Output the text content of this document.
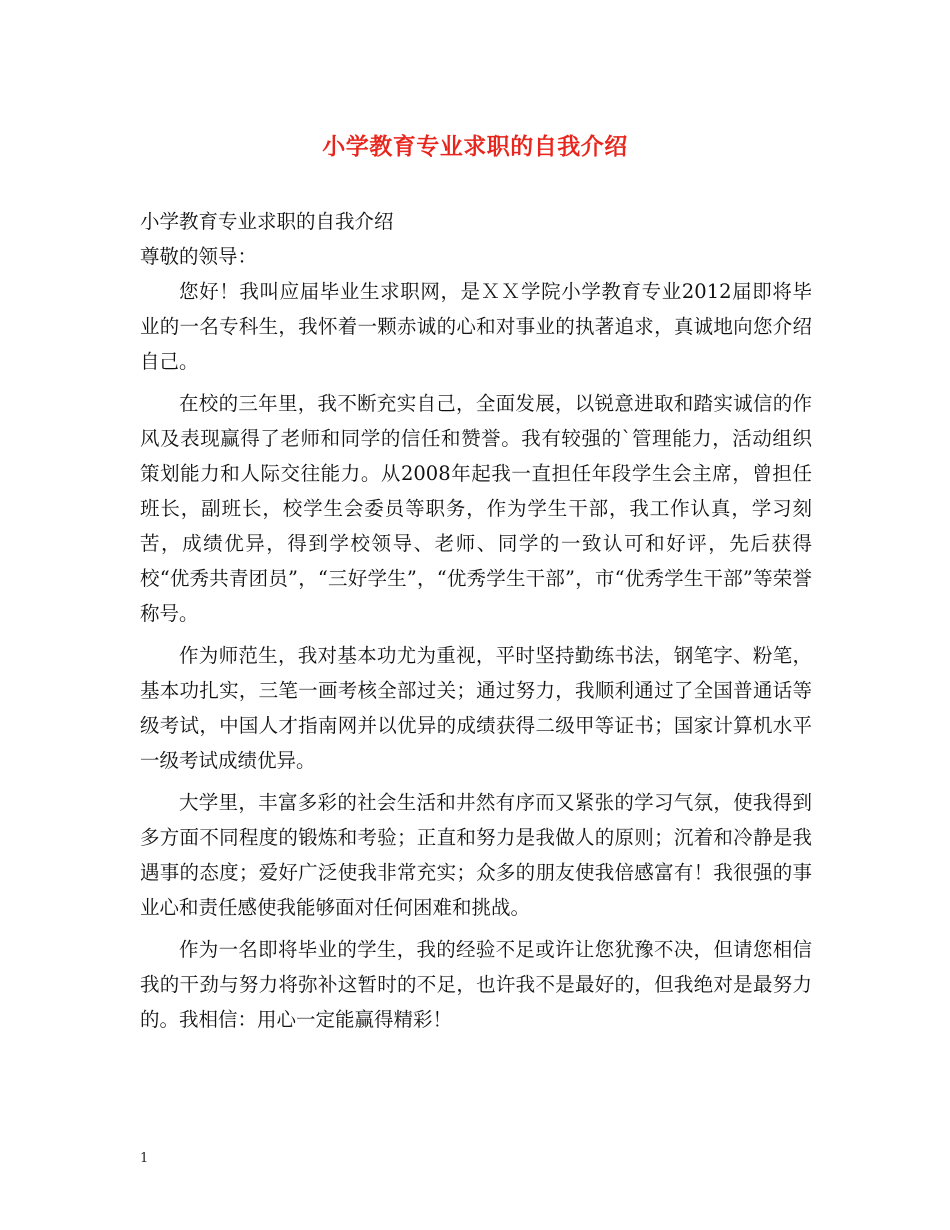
小学教育专业求职的自我介绍

小学教育专业求职的自我介绍

尊敬的领导：

您好！我叫应届毕业生求职网，是ＸＸ学院小学教育专业2012届即将毕业的一名专科生，我怀着一颗赤诚的心和对事业的执著追求，真诚地向您介绍自己。

在校的三年里，我不断充实自己，全面发展，以锐意进取和踏实诚信的作风及表现赢得了老师和同学的信任和赞誉。我有较强的`管理能力，活动组织策划能力和人际交往能力。从2008年起我一直担任年段学生会主席，曾担任班长，副班长，校学生会委员等职务，作为学生干部，我工作认真，学习刻苦，成绩优异，得到学校领导、老师、同学的一致认可和好评，先后获得校“优秀共青团员”，“三好学生”，“优秀学生干部”，市“优秀学生干部”等荣誉称号。

作为师范生，我对基本功尤为重视，平时坚持勤练书法，钢笔字、粉笔，基本功扎实，三笔一画考核全部过关；通过努力，我顺利通过了全国普通话等级考试，中国人才指南网并以优异的成绩获得二级甲等证书；国家计算机水平一级考试成绩优异。

大学里，丰富多彩的社会生活和井然有序而又紧张的学习气氛，使我得到多方面不同程度的锻炼和考验；正直和努力是我做人的原则；沉着和冷静是我遇事的态度；爱好广泛使我非常充实；众多的朋友使我倍感富有！我很强的事业心和责任感使我能够面对任何困难和挑战。

作为一名即将毕业的学生，我的经验不足或许让您犹豫不决，但请您相信我的干劲与努力将弥补这暂时的不足，也许我不是最好的，但我绝对是最努力的。我相信：用心一定能赢得精彩！

1
